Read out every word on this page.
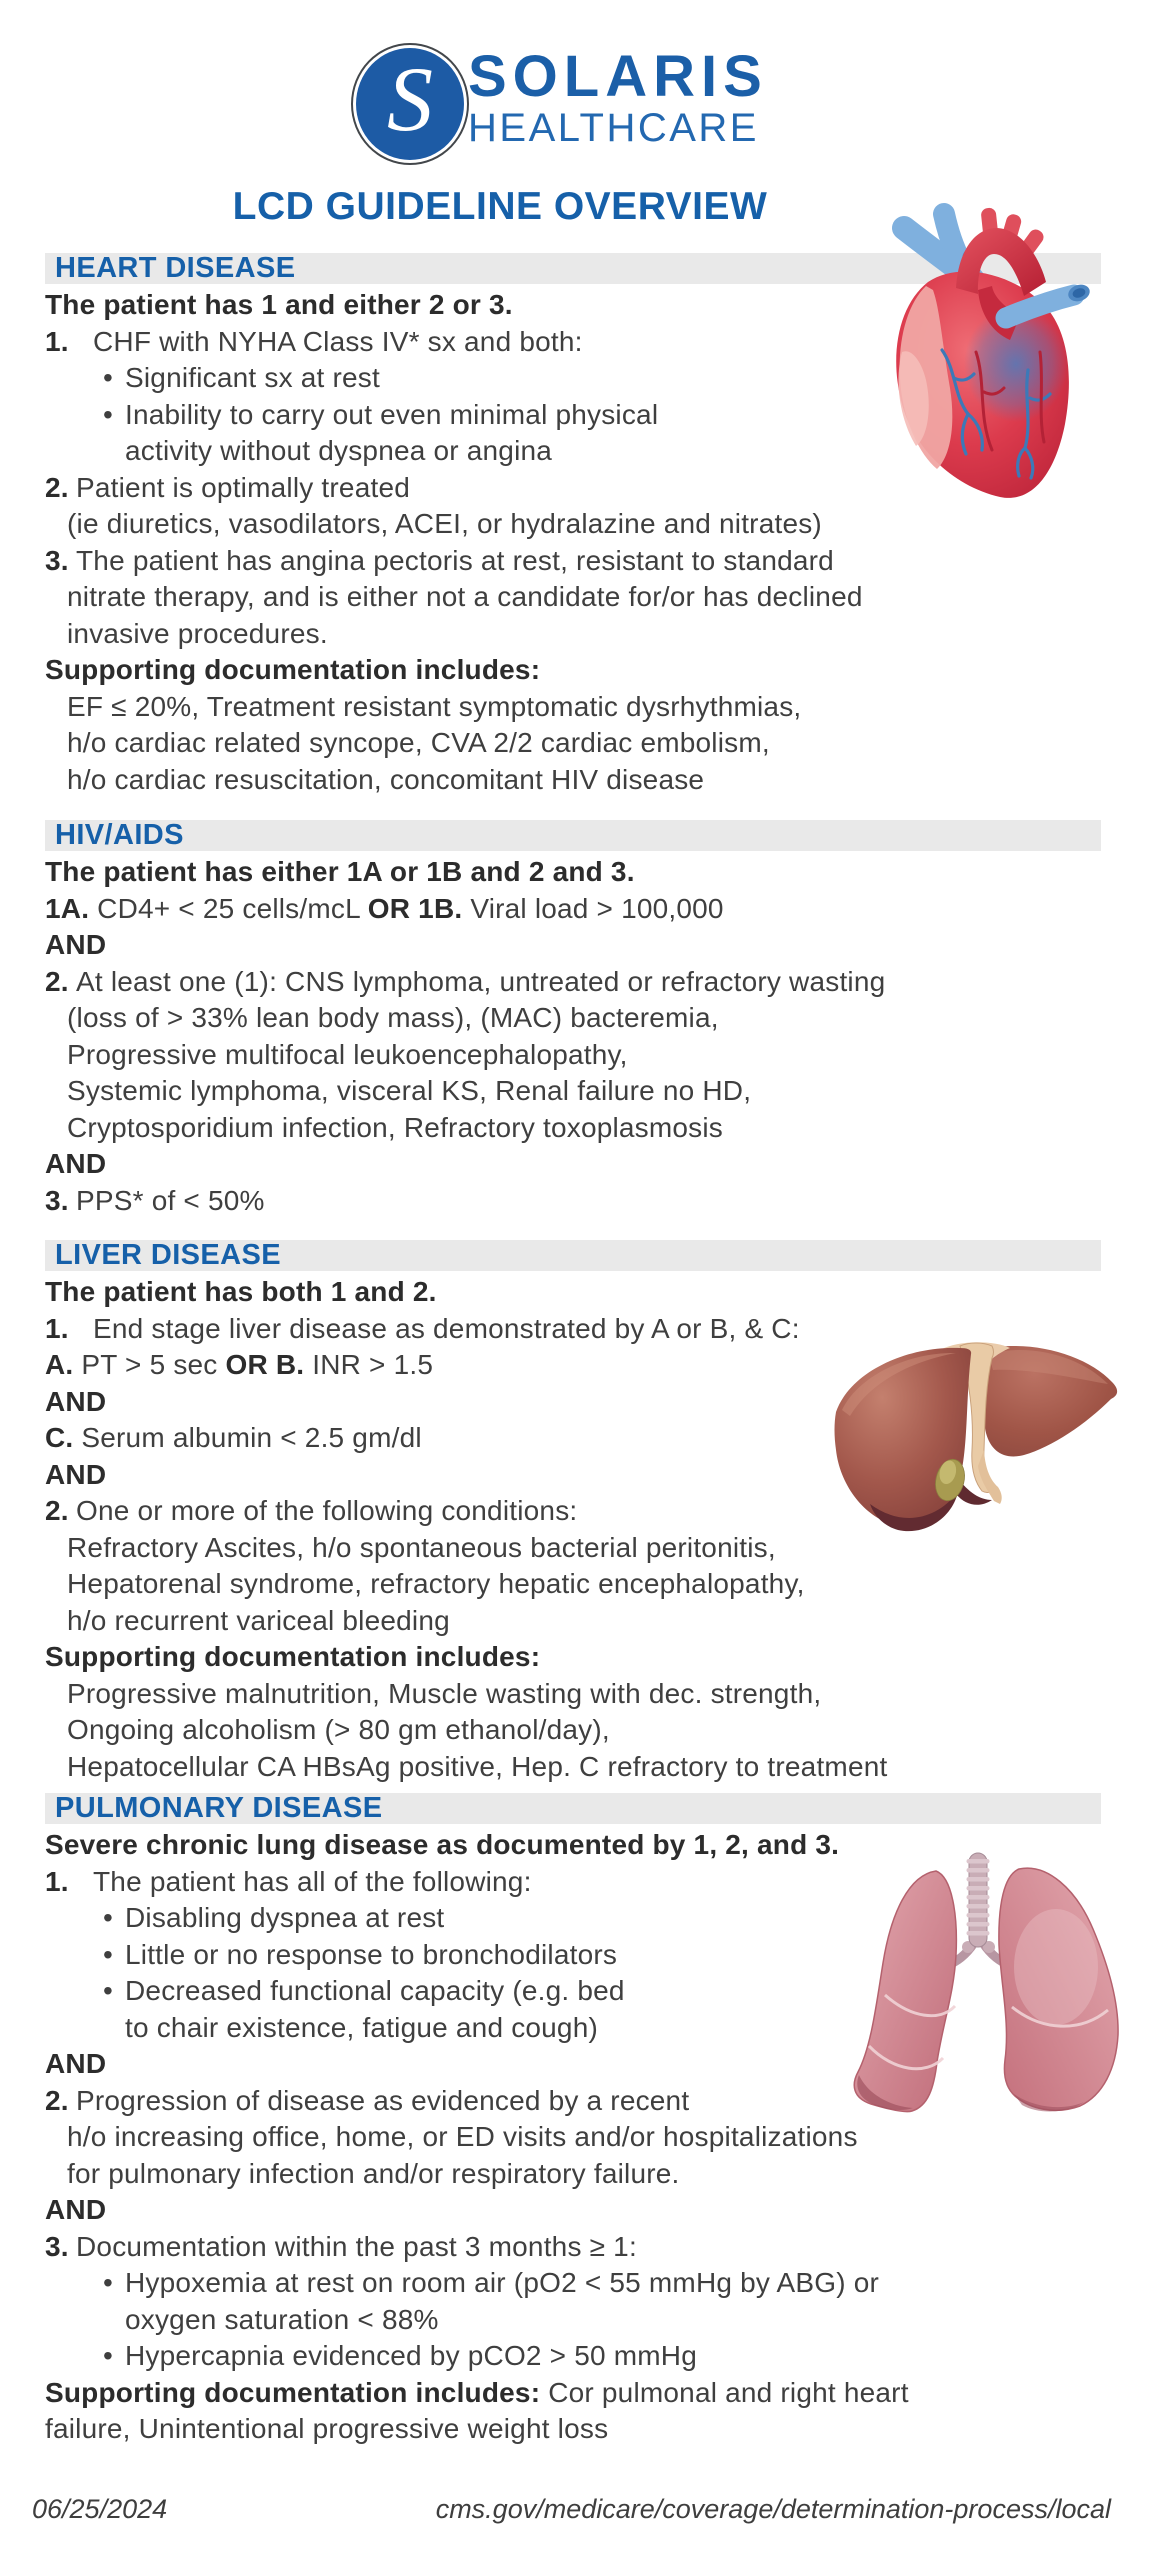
S SOLARIS
HEALTHCARE
LCD GUIDELINE OVERVIEW
HEART DISEASE
The patient has 1 and either 2 or 3.
1. CHF with NYHA Class IV* sx and both:
• Significant sx at rest
• Inability to carry out even minimal physical
activity without dyspnea or angina
2. Patient is optimally treated
(ie diuretics, vasodilators, ACEI, or hydralazine and nitrates)
3. The patient has angina pectoris at rest, resistant to standard
nitrate therapy, and is either not a candidate for/or has declined
invasive procedures.
Supporting documentation includes:
EF ≤ 20%, Treatment resistant symptomatic dysrhythmias,
h/o cardiac related syncope, CVA 2/2 cardiac embolism,
h/o cardiac resuscitation, concomitant HIV disease
HIV/AIDS
The patient has either 1A or 1B and 2 and 3.
1A. CD4+ < 25 cells/mcL OR 1B. Viral load > 100,000
AND
2. At least one (1): CNS lymphoma, untreated or refractory wasting
(loss of > 33% lean body mass), (MAC) bacteremia,
Progressive multifocal leukoencephalopathy,
Systemic lymphoma, visceral KS, Renal failure no HD,
Cryptosporidium infection, Refractory toxoplasmosis
AND
3. PPS* of < 50%
LIVER DISEASE
The patient has both 1 and 2.
1. End stage liver disease as demonstrated by A or B, & C:
A. PT > 5 sec OR B. INR > 1.5
AND
C. Serum albumin < 2.5 gm/dl
AND
2. One or more of the following conditions:
Refractory Ascites, h/o spontaneous bacterial peritonitis,
Hepatorenal syndrome, refractory hepatic encephalopathy,
h/o recurrent variceal bleeding
Supporting documentation includes:
Progressive malnutrition, Muscle wasting with dec. strength,
Ongoing alcoholism (> 80 gm ethanol/day),
Hepatocellular CA HBsAg positive, Hep. C refractory to treatment
PULMONARY DISEASE
Severe chronic lung disease as documented by 1, 2, and 3.
1. The patient has all of the following:
• Disabling dyspnea at rest
• Little or no response to bronchodilators
• Decreased functional capacity (e.g. bed
to chair existence, fatigue and cough)
AND
2. Progression of disease as evidenced by a recent
h/o increasing office, home, or ED visits and/or hospitalizations
for pulmonary infection and/or respiratory failure.
AND
3. Documentation within the past 3 months ≥ 1:
• Hypoxemia at rest on room air (pO2 < 55 mmHg by ABG) or
oxygen saturation < 88%
• Hypercapnia evidenced by pCO2 > 50 mmHg
Supporting documentation includes: Cor pulmonal and right heart
failure, Unintentional progressive weight loss
06/25/2024	cms.gov/medicare/coverage/determination-process/local
